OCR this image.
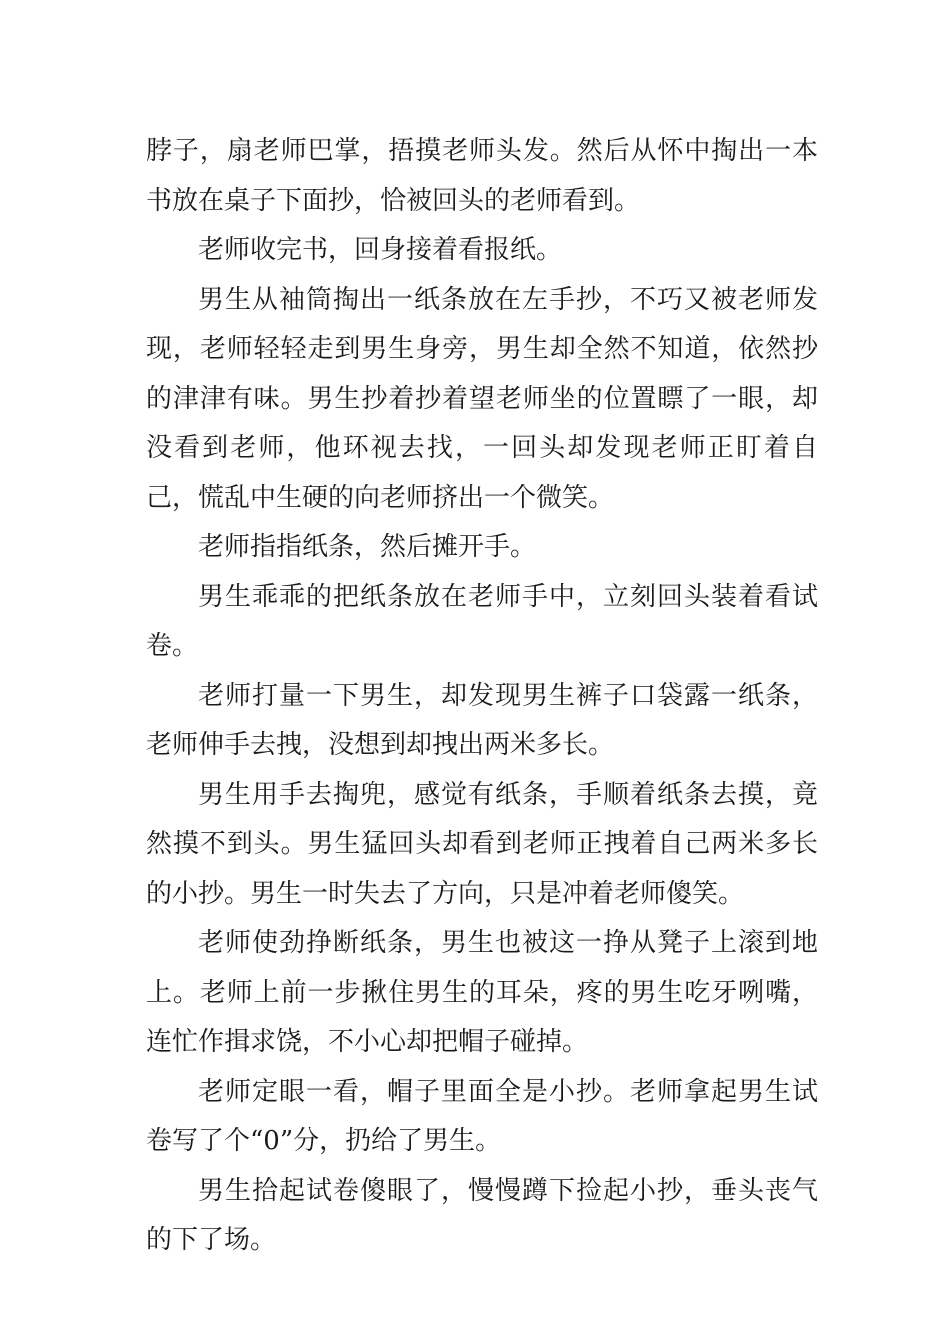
脖子，扇老师巴掌，捂摸老师头发。然后从怀中掏出一本书放在桌子下面抄，恰被回头的老师看到。

老师收完书，回身接着看报纸。

男生从袖筒掏出一纸条放在左手抄，不巧又被老师发现，老师轻轻走到男生身旁，男生却全然不知道，依然抄的津津有味。男生抄着抄着望老师坐的位置瞟了一眼，却没看到老师，他环视去找，一回头却发现老师正盯着自己，慌乱中生硬的向老师挤出一个微笑。

老师指指纸条，然后摊开手。

男生乖乖的把纸条放在老师手中，立刻回头装着看试卷。

老师打量一下男生，却发现男生裤子口袋露一纸条，老师伸手去拽，没想到却拽出两米多长。

男生用手去掏兜，感觉有纸条，手顺着纸条去摸，竟然摸不到头。男生猛回头却看到老师正拽着自己两米多长的小抄。男生一时失去了方向，只是冲着老师傻笑。

老师使劲挣断纸条，男生也被这一挣从凳子上滚到地上。老师上前一步揪住男生的耳朵，疼的男生吃牙咧嘴，连忙作揖求饶，不小心却把帽子碰掉。

老师定眼一看，帽子里面全是小抄。老师拿起男生试卷写了个“0”分，扔给了男生。

男生拾起试卷傻眼了，慢慢蹲下捡起小抄，垂头丧气的下了场。
